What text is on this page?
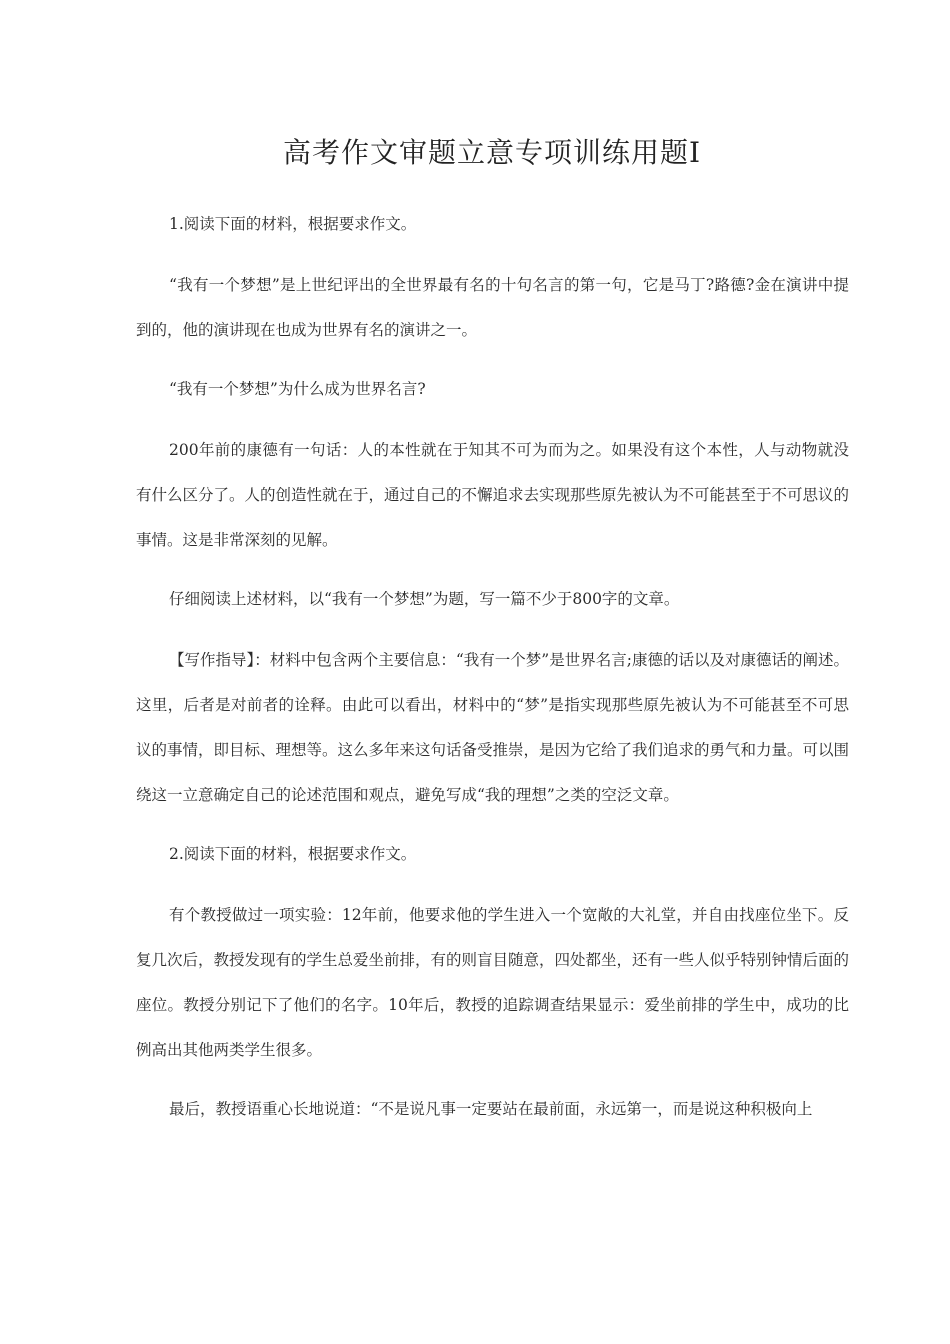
高考作文审题立意专项训练用题Ⅰ

1.阅读下面的材料，根据要求作文。

“我有一个梦想”是上世纪评出的全世界最有名的十句名言的第一句，它是马丁?路德?金在演讲中提到的，他的演讲现在也成为世界有名的演讲之一。

“我有一个梦想”为什么成为世界名言?

200年前的康德有一句话：人的本性就在于知其不可为而为之。如果没有这个本性，人与动物就没有什么区分了。人的创造性就在于，通过自己的不懈追求去实现那些原先被认为不可能甚至于不可思议的事情。这是非常深刻的见解。

仔细阅读上述材料，以“我有一个梦想”为题，写一篇不少于800字的文章。

【写作指导】：材料中包含两个主要信息：“我有一个梦”是世界名言;康德的话以及对康德话的阐述。这里，后者是对前者的诠释。由此可以看出，材料中的“梦”是指实现那些原先被认为不可能甚至不可思议的事情，即目标、理想等。这么多年来这句话备受推崇，是因为它给了我们追求的勇气和力量。可以围绕这一立意确定自己的论述范围和观点，避免写成“我的理想”之类的空泛文章。

2.阅读下面的材料，根据要求作文。

有个教授做过一项实验：12年前，他要求他的学生进入一个宽敞的大礼堂，并自由找座位坐下。反复几次后，教授发现有的学生总爱坐前排，有的则盲目随意，四处都坐，还有一些人似乎特别钟情后面的座位。教授分别记下了他们的名字。10年后，教授的追踪调查结果显示：爱坐前排的学生中，成功的比例高出其他两类学生很多。

最后，教授语重心长地说道：“不是说凡事一定要站在最前面，永远第一，而是说这种积极向上
